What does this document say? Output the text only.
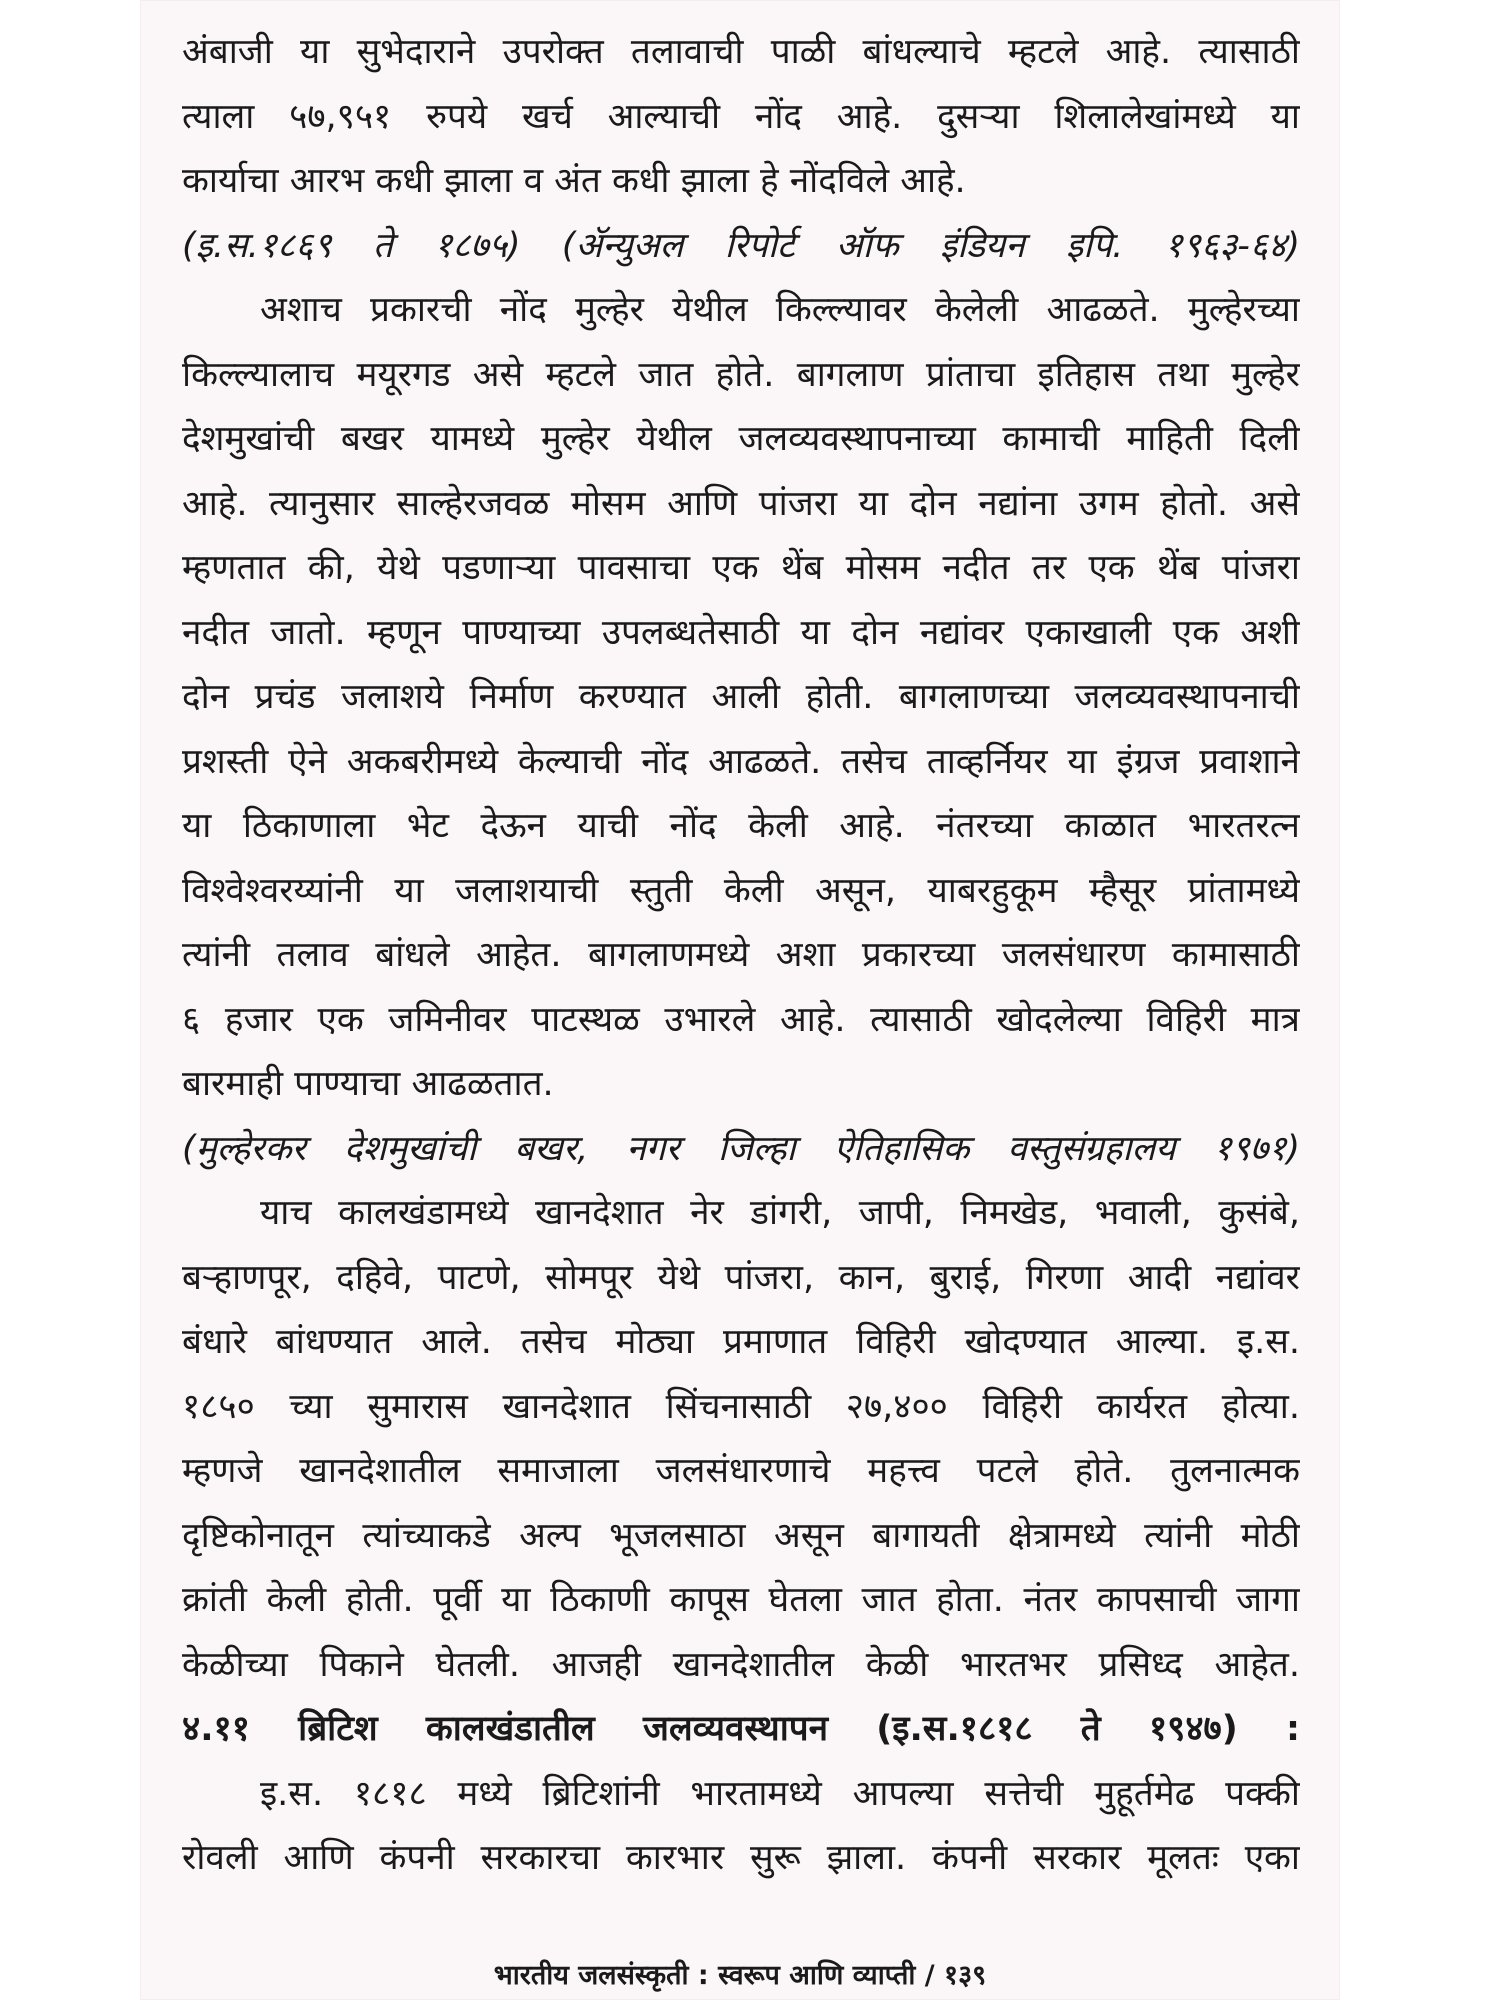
अंबाजी या सुभेदाराने उपरोक्त तलावाची पाळी बांधल्याचे म्हटले आहे. त्यासाठी
त्याला ५७,९५१ रुपये खर्च आल्याची नोंद आहे. दुसऱ्या शिलालेखांमध्ये या
कार्याचा आरभ कधी झाला व अंत कधी झाला हे नोंदविले आहे.
(इ.स.१८६९ ते १८७५) (ॲन्युअल रिपोर्ट ऑफ इंडियन इपि. १९६३-६४)
अशाच प्रकारची नोंद मुल्हेर येथील किल्ल्यावर केलेली आढळते. मुल्हेरच्या
किल्ल्यालाच मयूरगड असे म्हटले जात होते. बागलाण प्रांताचा इतिहास तथा मुल्हेर
देशमुखांची बखर यामध्ये मुल्हेर येथील जलव्यवस्थापनाच्या कामाची माहिती दिली
आहे. त्यानुसार साल्हेरजवळ मोसम आणि पांजरा या दोन नद्यांना उगम होतो. असे
म्हणतात की, येथे पडणाऱ्या पावसाचा एक थेंब मोसम नदीत तर एक थेंब पांजरा
नदीत जातो. म्हणून पाण्याच्या उपलब्धतेसाठी या दोन नद्यांवर एकाखाली एक अशी
दोन प्रचंड जलाशये निर्माण करण्यात आली होती. बागलाणच्या जलव्यवस्थापनाची
प्रशस्ती ऐने अकबरीमध्ये केल्याची नोंद आढळते. तसेच ताव्हर्नियर या इंग्रज प्रवाशाने
या ठिकाणाला भेट देऊन याची नोंद केली आहे. नंतरच्या काळात भारतरत्न
विश्वेश्वरय्यांनी या जलाशयाची स्तुती केली असून, याबरहुकूम म्हैसूर प्रांतामध्ये
त्यांनी तलाव बांधले आहेत. बागलाणमध्ये अशा प्रकारच्या जलसंधारण कामासाठी
६ हजार एक जमिनीवर पाटस्थळ उभारले आहे. त्यासाठी खोदलेल्या विहिरी मात्र
बारमाही पाण्याचा आढळतात.
(मुल्हेरकर देशमुखांची बखर, नगर जिल्हा ऐतिहासिक वस्तुसंग्रहालय १९७१)
याच कालखंडामध्ये खानदेशात नेर डांगरी, जापी, निमखेड, भवाली, कुसंबे,
बऱ्हाणपूर, दहिवे, पाटणे, सोमपूर येथे पांजरा, कान, बुराई, गिरणा आदी नद्यांवर
बंधारे बांधण्यात आले. तसेच मोठ्या प्रमाणात विहिरी खोदण्यात आल्या. इ.स.
१८५० च्या सुमारास खानदेशात सिंचनासाठी २७,४०० विहिरी कार्यरत होत्या.
म्हणजे खानदेशातील समाजाला जलसंधारणाचे महत्त्व पटले होते. तुलनात्मक
दृष्टिकोनातून त्यांच्याकडे अल्प भूजलसाठा असून बागायती क्षेत्रामध्ये त्यांनी मोठी
क्रांती केली होती. पूर्वी या ठिकाणी कापूस घेतला जात होता. नंतर कापसाची जागा
केळीच्या पिकाने घेतली. आजही खानदेशातील केळी भारतभर प्रसिध्द आहेत.
४.११ ब्रिटिश कालखंडातील जलव्यवस्थापन (इ.स.१८१८ ते १९४७) :
इ.स. १८१८ मध्ये ब्रिटिशांनी भारतामध्ये आपल्या सत्तेची मुहूर्तमेढ पक्की
रोवली आणि कंपनी सरकारचा कारभार सुरू झाला. कंपनी सरकार मूलतः एका
भारतीय जलसंस्कृती : स्वरूप आणि व्याप्ती / १३९
